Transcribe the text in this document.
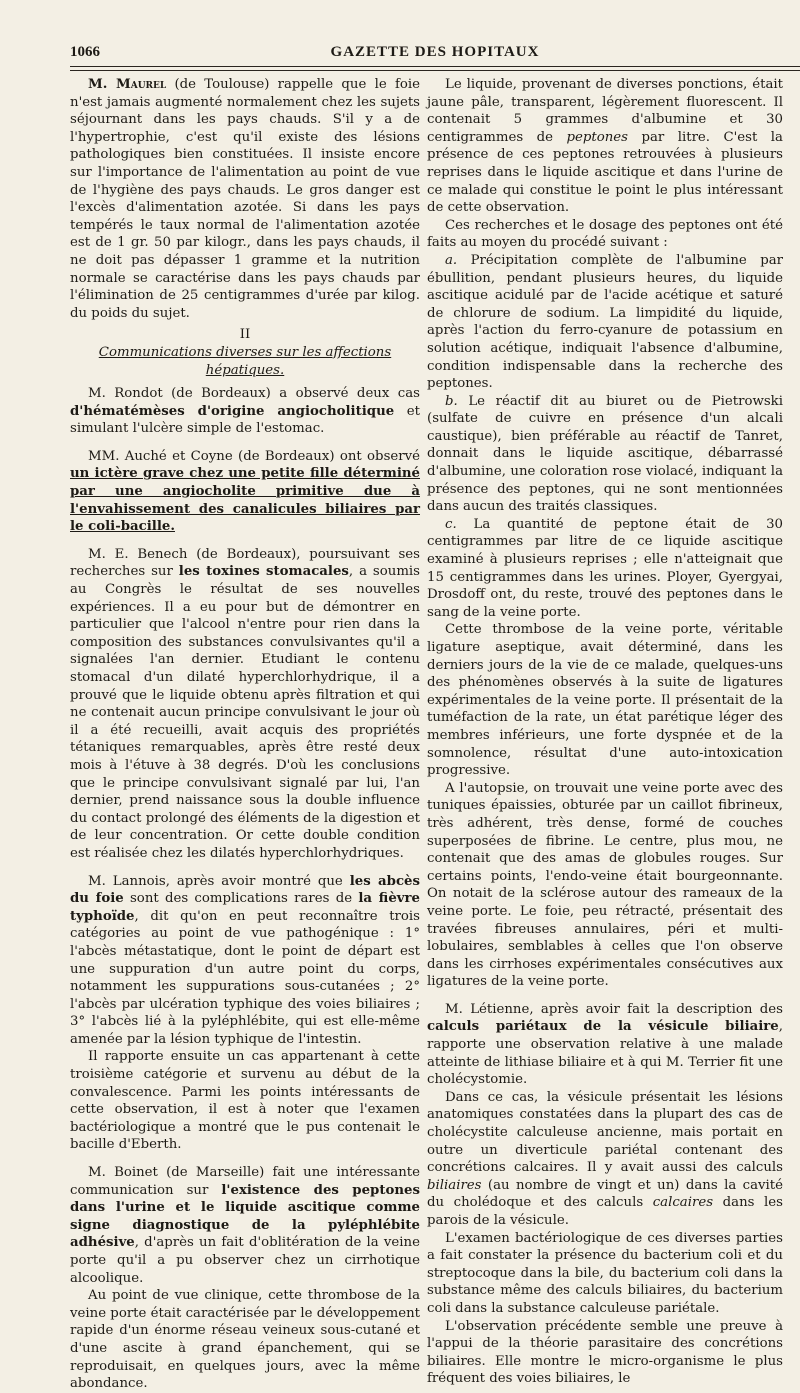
1066	GAZETTE DES HOPITAUX

M. Maurel (de Toulouse) rappelle que le foie n'est jamais augmenté normalement chez les sujets séjournant dans les pays chauds. S'il y a de l'hypertrophie, c'est qu'il existe des lésions pathologiques bien constituées. Il insiste encore sur l'importance de l'alimentation au point de vue de l'hygiène des pays chauds. Le gros danger est l'excès d'alimentation azotée. Si dans les pays tempérés le taux normal de l'alimentation azotée est de 1 gr. 50 par kilogr., dans les pays chauds, il ne doit pas dépasser 1 gramme et la nutrition normale se caractérise dans les pays chauds par l'élimination de 25 centigrammes d'urée par kilog. du poids du sujet.

II
Communications diverses sur les affections hépatiques.

M. Rondot (de Bordeaux) a observé deux cas d'hématémèses d'origine angiocholitique et simulant l'ulcère simple de l'estomac.

MM. Auché et Coyne (de Bordeaux) ont observé un ictère grave chez une petite fille déterminé par une angiocholite primitive due à l'envahissement des canalicules biliaires par le coli-bacille.

M. E. Benech (de Bordeaux), poursuivant ses recherches sur les toxines stomacales, a soumis au Congrès le résultat de ses nouvelles expériences. Il a eu pour but de démontrer en particulier que l'alcool n'entre pour rien dans la composition des substances convulsivantes qu'il a signalées l'an dernier. Etudiant le contenu stomacal d'un dilaté hyperchlorhydrique, il a prouvé que le liquide obtenu après filtration et qui ne contenait aucun principe convulsivant le jour où il a été recueilli, avait acquis des propriétés tétaniques remarquables, après être resté deux mois à l'étuve à 38 degrés. D'où les conclusions que le principe convulsivant signalé par lui, l'an dernier, prend naissance sous la double influence du contact prolongé des éléments de la digestion et de leur concentration. Or cette double condition est réalisée chez les dilatés hyperchlorhydriques.

M. Lannois, après avoir montré que les abcès du foie sont des complications rares de la fièvre typhoïde, dit qu'on en peut reconnaître trois catégories au point de vue pathogénique : 1° l'abcès métastatique, dont le point de départ est une suppuration d'un autre point du corps, notamment les suppurations sous-cutanées ; 2° l'abcès par ulcération typhique des voies biliaires ; 3° l'abcès lié à la pyléphlébite, qui est elle-même amenée par la lésion typhique de l'intestin.

Il rapporte ensuite un cas appartenant à cette troisième catégorie et survenu au début de la convalescence. Parmi les points intéressants de cette observation, il est à noter que l'examen bactériologique a montré que le pus contenait le bacille d'Eberth.

M. Boinet (de Marseille) fait une intéressante communication sur l'existence des peptones dans l'urine et le liquide ascitique comme signe diagnostique de la pyléphlébite adhésive, d'après un fait d'oblitération de la veine porte qu'il a pu observer chez un cirrhotique alcoolique.

Au point de vue clinique, cette thrombose de la veine porte était caractérisée par le développement rapide d'un énorme réseau veineux sous-cutané et d'une ascite à grand épanchement, qui se reproduisait, en quelques jours, avec la même abondance.

Le liquide, provenant de diverses ponctions, était jaune pâle, transparent, légèrement fluorescent. Il contenait 5 grammes d'albumine et 30 centigrammes de peptones par litre. C'est la présence de ces peptones retrouvées à plusieurs reprises dans le liquide ascitique et dans l'urine de ce malade qui constitue le point le plus intéressant de cette observation.

Ces recherches et le dosage des peptones ont été faits au moyen du procédé suivant :

a. Précipitation complète de l'albumine par ébullition, pendant plusieurs heures, du liquide ascitique acidulé par de l'acide acétique et saturé de chlorure de sodium. La limpidité du liquide, après l'action du ferro-cyanure de potassium en solution acétique, indiquait l'absence d'albumine, condition indispensable dans la recherche des peptones.

b. Le réactif dit au biuret ou de Pietrowski (sulfate de cuivre en présence d'un alcali caustique), bien préférable au réactif de Tanret, donnait dans le liquide ascitique, débarrassé d'albumine, une coloration rose violacé, indiquant la présence des peptones, qui ne sont mentionnées dans aucun des traités classiques.

c. La quantité de peptone était de 30 centigrammes par litre de ce liquide ascitique examiné à plusieurs reprises ; elle n'atteignait que 15 centigrammes dans les urines. Ployer, Gyergyai, Drosdoff ont, du reste, trouvé des peptones dans le sang de la veine porte.

Cette thrombose de la veine porte, véritable ligature aseptique, avait déterminé, dans les derniers jours de la vie de ce malade, quelques-uns des phénomènes observés à la suite de ligatures expérimentales de la veine porte. Il présentait de la tuméfaction de la rate, un état parétique léger des membres inférieurs, une forte dyspnée et de la somnolence, résultat d'une auto-intoxication progressive.

A l'autopsie, on trouvait une veine porte avec des tuniques épaissies, obturée par un caillot fibrineux, très adhérent, très dense, formé de couches superposées de fibrine. Le centre, plus mou, ne contenait que des amas de globules rouges. Sur certains points, l'endo-veine était bourgeonnante. On notait de la sclérose autour des rameaux de la veine porte. Le foie, peu rétracté, présentait des travées fibreuses annulaires, péri et multi-lobulaires, semblables à celles que l'on observe dans les cirrhoses expérimentales consécutives aux ligatures de la veine porte.

M. Létienne, après avoir fait la description des calculs pariétaux de la vésicule biliaire, rapporte une observation relative à une malade atteinte de lithiase biliaire et à qui M. Terrier fit une cholécystomie.

Dans ce cas, la vésicule présentait les lésions anatomiques constatées dans la plupart des cas de cholécystite calculeuse ancienne, mais portait en outre un diverticule pariétal contenant des concrétions calcaires. Il y avait aussi des calculs biliaires (au nombre de vingt et un) dans la cavité du cholédoque et des calculs calcaires dans les parois de la vésicule.

L'examen bactériologique de ces diverses parties a fait constater la présence du bacterium coli et du streptocoque dans la bile, du bacterium coli dans la substance même des calculs biliaires, du bacterium coli dans la substance calculeuse pariétale.

L'observation précédente semble une preuve à l'appui de la théorie parasitaire des concrétions biliaires. Elle montre le micro-organisme le plus fréquent des voies biliaires, le
